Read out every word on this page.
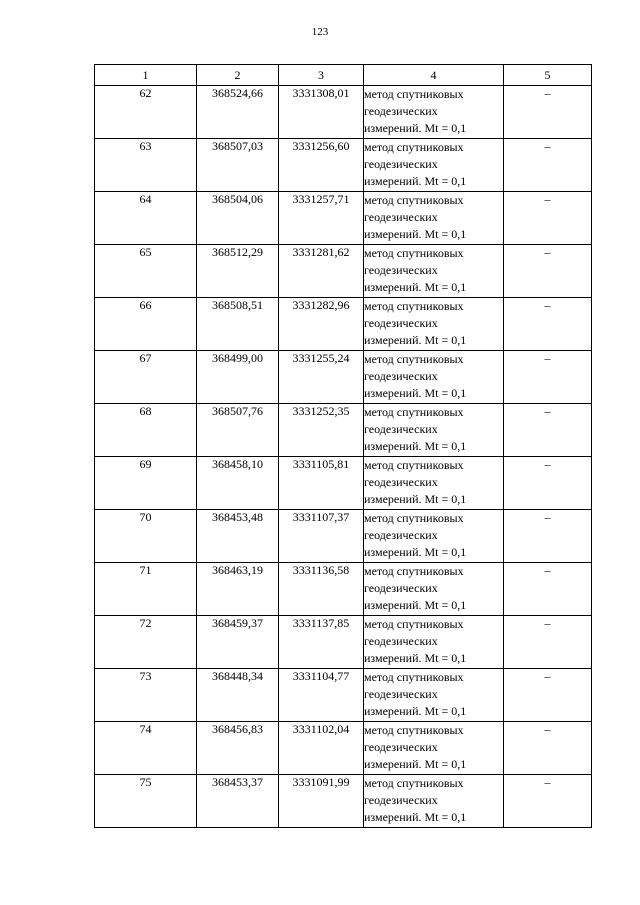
123
1	2	3	4	5
62	368524,66	3331308,01	метод спутниковых
геодезических
измерений. Mt = 0,1	–
63	368507,03	3331256,60	метод спутниковых
геодезических
измерений. Mt = 0,1	–
64	368504,06	3331257,71	метод спутниковых
геодезических
измерений. Mt = 0,1	–
65	368512,29	3331281,62	метод спутниковых
геодезических
измерений. Mt = 0,1	–
66	368508,51	3331282,96	метод спутниковых
геодезических
измерений. Mt = 0,1	–
67	368499,00	3331255,24	метод спутниковых
геодезических
измерений. Mt = 0,1	–
68	368507,76	3331252,35	метод спутниковых
геодезических
измерений. Mt = 0,1	–
69	368458,10	3331105,81	метод спутниковых
геодезических
измерений. Mt = 0,1	–
70	368453,48	3331107,37	метод спутниковых
геодезических
измерений. Mt = 0,1	–
71	368463,19	3331136,58	метод спутниковых
геодезических
измерений. Mt = 0,1	–
72	368459,37	3331137,85	метод спутниковых
геодезических
измерений. Mt = 0,1	–
73	368448,34	3331104,77	метод спутниковых
геодезических
измерений. Mt = 0,1	–
74	368456,83	3331102,04	метод спутниковых
геодезических
измерений. Mt = 0,1	–
75	368453,37	3331091,99	метод спутниковых
геодезических
измерений. Mt = 0,1	–
